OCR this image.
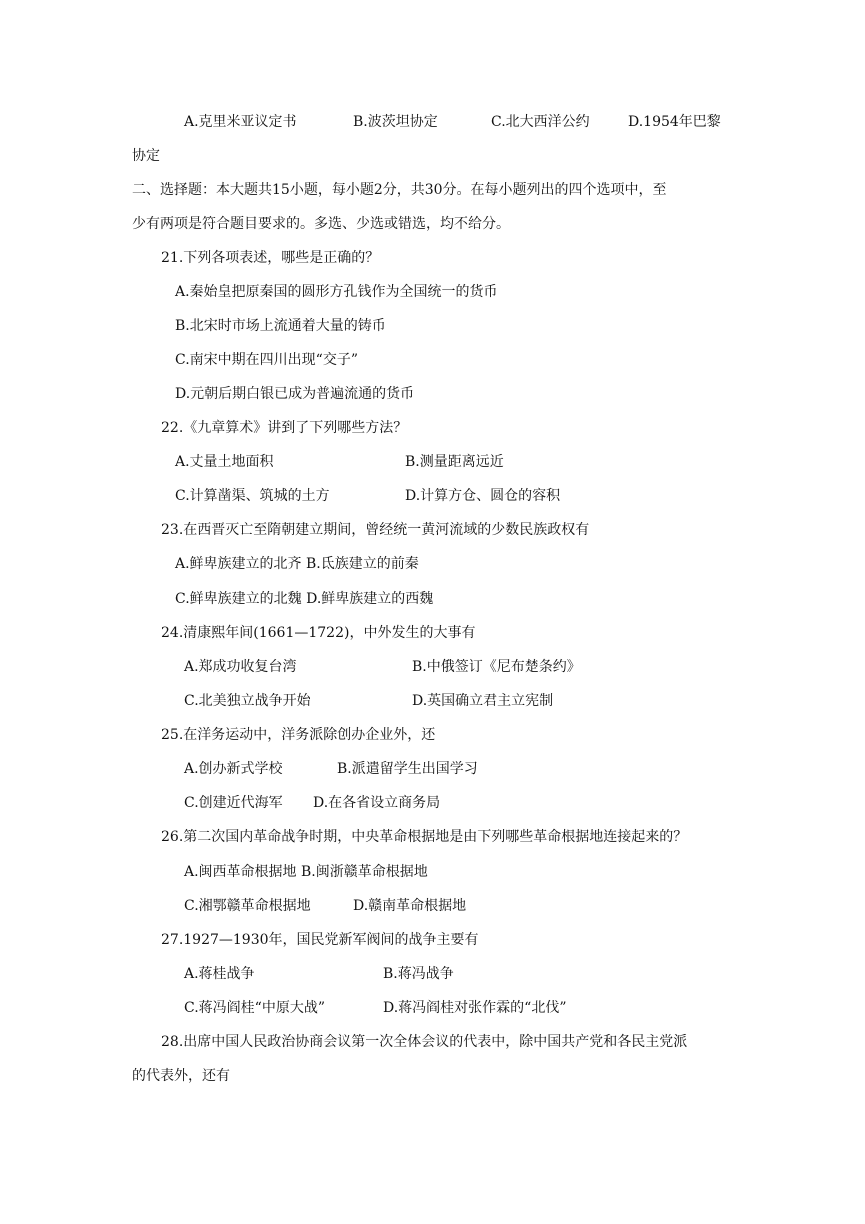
A.克里米亚议定书	B.波茨坦协定	C.北大西洋公约	D.1954年巴黎
协定
二、选择题：本大题共15小题，每小题2分，共30分。在每小题列出的四个选项中，至
少有两项是符合题目要求的。多选、少选或错选，均不给分。
21.下列各项表述，哪些是正确的？
A.秦始皇把原秦国的圆形方孔钱作为全国统一的货币
B.北宋时市场上流通着大量的铸币
C.南宋中期在四川出现“交子”
D.元朝后期白银已成为普遍流通的货币
22.《九章算术》讲到了下列哪些方法？
A.丈量土地面积	B.测量距离远近
C.计算凿渠、筑城的土方	D.计算方仓、圆仓的容积
23.在西晋灭亡至隋朝建立期间，曾经统一黄河流域的少数民族政权有
A.鲜卑族建立的北齐 B.氐族建立的前秦
C.鲜卑族建立的北魏 D.鲜卑族建立的西魏
24.清康熙年间(1661—1722)，中外发生的大事有
A.郑成功收复台湾	B.中俄签订《尼布楚条约》
C.北美独立战争开始	D.英国确立君主立宪制
25.在洋务运动中，洋务派除创办企业外，还
A.创办新式学校	B.派遣留学生出国学习
C.创建近代海军 D.在各省设立商务局
26.第二次国内革命战争时期，中央革命根据地是由下列哪些革命根据地连接起来的？
A.闽西革命根据地 B.闽浙赣革命根据地
C.湘鄂赣革命根据地	D.赣南革命根据地
27.1927—1930年，国民党新军阀间的战争主要有
A.蒋桂战争	B.蒋冯战争
C.蒋冯阎桂“中原大战”	D.蒋冯阎桂对张作霖的“北伐”
28.出席中国人民政治协商会议第一次全体会议的代表中，除中国共产党和各民主党派
的代表外，还有
